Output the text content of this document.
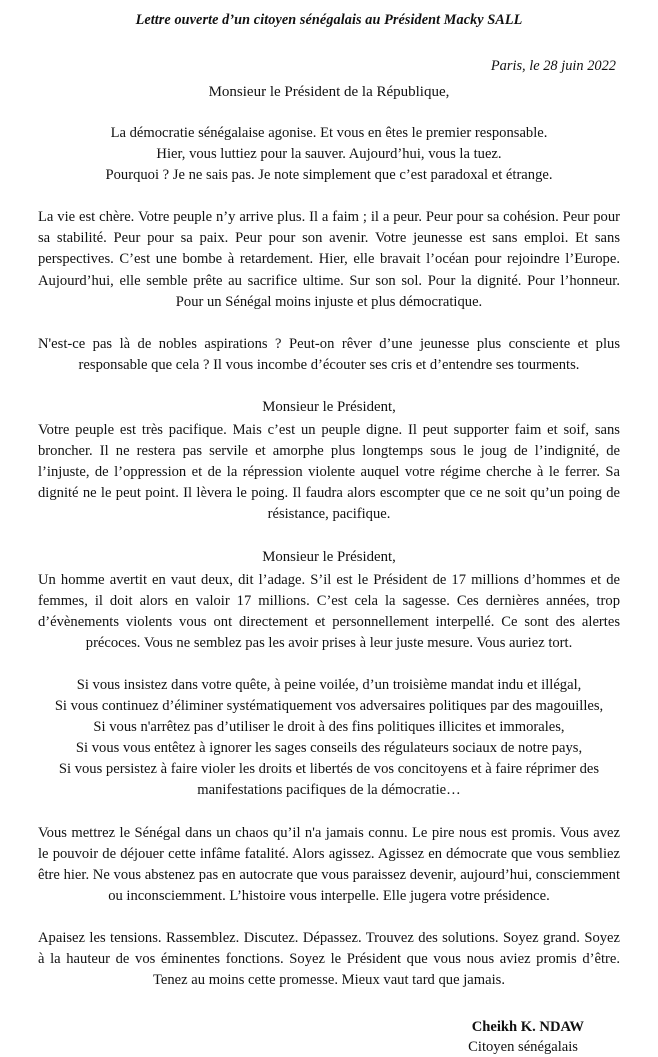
Lettre ouverte d’un citoyen sénégalais au Président Macky SALL
Paris, le 28 juin 2022
Monsieur le Président de la République,
La démocratie sénégalaise agonise. Et vous en êtes le premier responsable.
Hier, vous luttiez pour la sauver. Aujourd’hui, vous la tuez.
Pourquoi ? Je ne sais pas. Je note simplement que c’est paradoxal et étrange.
La vie est chère. Votre peuple n’y arrive plus. Il a faim ; il a peur. Peur pour sa cohésion. Peur pour sa stabilité. Peur pour sa paix. Peur pour son avenir. Votre jeunesse est sans emploi. Et sans perspectives. C’est une bombe à retardement. Hier, elle bravait l’océan pour rejoindre l’Europe. Aujourd’hui, elle semble prête au sacrifice ultime. Sur son sol. Pour la dignité. Pour l’honneur. Pour un Sénégal moins injuste et plus démocratique.
N'est-ce pas là de nobles aspirations ? Peut-on rêver d’une jeunesse plus consciente et plus responsable que cela ? Il vous incombe d’écouter ses cris et d’entendre ses tourments.
Monsieur le Président,
Votre peuple est très pacifique. Mais c’est un peuple digne. Il peut supporter faim et soif, sans broncher. Il ne restera pas servile et amorphe plus longtemps sous le joug de l’indignité, de l’injuste, de l’oppression et de la répression violente auquel votre régime cherche à le ferrer. Sa dignité ne le peut point. Il lèvera le poing. Il faudra alors escompter que ce ne soit qu’un poing de résistance, pacifique.
Monsieur le Président,
Un homme avertit en vaut deux, dit l’adage. S’il est le Président de 17 millions d’hommes et de femmes, il doit alors en valoir 17 millions. C’est cela la sagesse. Ces dernières années, trop d’évènements violents vous ont directement et personnellement interpellé. Ce sont des alertes précoces. Vous ne semblez pas les avoir prises à leur juste mesure. Vous auriez tort.
Si vous insistez dans votre quête, à peine voilée, d’un troisième mandat indu et illégal,
Si vous continuez d’éliminer systématiquement vos adversaires politiques par des magouilles,
Si vous n'arrêtez pas d’utiliser le droit à des fins politiques illicites et immorales,
Si vous vous entêtez à ignorer les sages conseils des régulateurs sociaux de notre pays,
Si vous persistez à faire violer les droits et libertés de vos concitoyens et à faire réprimer des manifestations pacifiques de la démocratie…
Vous mettrez le Sénégal dans un chaos qu’il n'a jamais connu. Le pire nous est promis. Vous avez le pouvoir de déjouer cette infâme fatalité. Alors agissez. Agissez en démocrate que vous sembliez être hier. Ne vous abstenez pas en autocrate que vous paraissez devenir, aujourd’hui, consciemment ou inconsciemment. L’histoire vous interpelle. Elle jugera votre présidence.
Apaisez les tensions. Rassemblez. Discutez. Dépassez. Trouvez des solutions. Soyez grand. Soyez à la hauteur de vos éminentes fonctions. Soyez le Président que vous nous aviez promis d’être. Tenez au moins cette promesse. Mieux vaut tard que jamais.
Cheikh K. NDAW
Citoyen sénégalais
